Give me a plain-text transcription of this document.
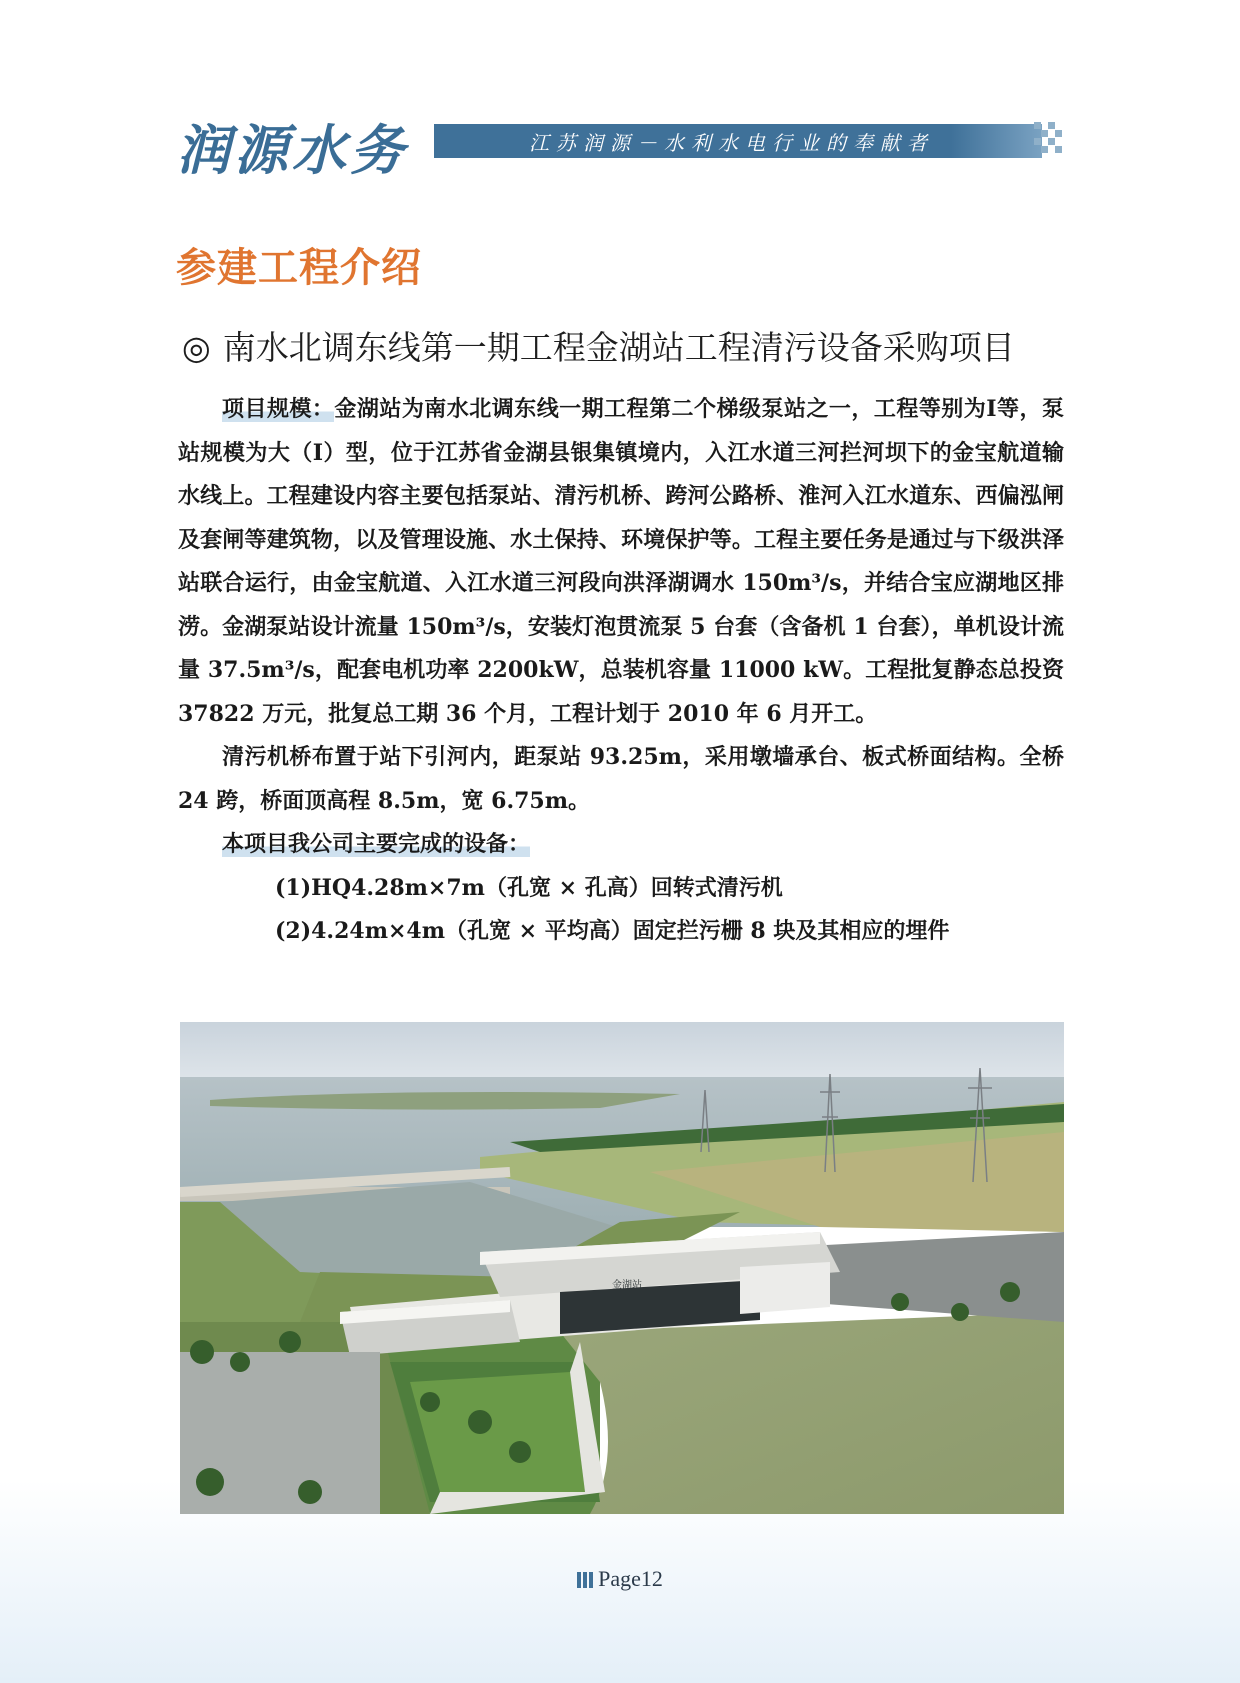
润源水务	江苏润源－水利水电行业的奉献者
参建工程介绍
◎ 南水北调东线第一期工程金湖站工程清污设备采购项目

项目规模：金湖站为南水北调东线一期工程第二个梯级泵站之一，工程等别为Ⅰ等，泵站规模为大（Ⅰ）型，位于江苏省金湖县银集镇境内，入江水道三河拦河坝下的金宝航道输水线上。工程建设内容主要包括泵站、清污机桥、跨河公路桥、淮河入江水道东、西偏泓闸及套闸等建筑物，以及管理设施、水土保持、环境保护等。工程主要任务是通过与下级洪泽站联合运行，由金宝航道、入江水道三河段向洪泽湖调水 150m³/s，并结合宝应湖地区排涝。金湖泵站设计流量 150m³/s，安装灯泡贯流泵 5 台套（含备机 1 台套），单机设计流量 37.5m³/s，配套电机功率 2200kW，总装机容量 11000 kW。工程批复静态总投资 37822 万元，批复总工期 36 个月，工程计划于 2010 年 6 月开工。

清污机桥布置于站下引河内，距泵站 93.25m，采用墩墙承台、板式桥面结构。全桥 24 跨，桥面顶高程 8.5m，宽 6.75m。

本项目我公司主要完成的设备：

(1)HQ4.28m×7m（孔宽 × 孔高）回转式清污机

(2)4.24m×4m（孔宽 × 平均高）固定拦污栅 8 块及其相应的埋件

金湖站
Page12
